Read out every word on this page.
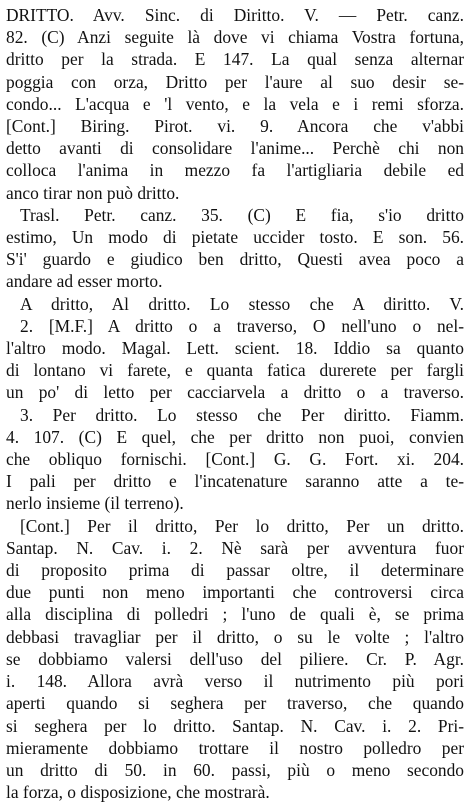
DRITTO. Avv. Sinc. di Diritto. V. — Petr. canz.
82. (C) Anzi seguite là dove vi chiama Vostra fortuna,
dritto per la strada. E 147. La qual senza alternar
poggia con orza, Dritto per l'aure al suo desir se-
condo... L'acqua e 'l vento, e la vela e i remi sforza.
[Cont.] Biring. Pirot. vi. 9. Ancora che v'abbi
detto avanti di consolidare l'anime... Perchè chi non
colloca l'anima in mezzo fa l'artigliaria debile ed
anco tirar non può dritto.
Trasl. Petr. canz. 35. (C) E fia, s'io dritto
estimo, Un modo di pietate uccider tosto. E son. 56.
S'i' guardo e giudico ben dritto, Questi avea poco a
andare ad esser morto.
A dritto, Al dritto. Lo stesso che A diritto. V.
2. [M.F.] A dritto o a traverso, O nell'uno o nel-
l'altro modo. Magal. Lett. scient. 18. Iddio sa quanto
di lontano vi farete, e quanta fatica durerete per fargli
un po' di letto per cacciarvela a dritto o a traverso.
3. Per dritto. Lo stesso che Per diritto. Fiamm.
4. 107. (C) E quel, che per dritto non puoi, convien
che obliquo fornischi. [Cont.] G. G. Fort. xi. 204.
I pali per dritto e l'incatenature saranno atte a te-
nerlo insieme (il terreno).
[Cont.] Per il dritto, Per lo dritto, Per un dritto.
Santap. N. Cav. i. 2. Nè sarà per avventura fuor
di proposito prima di passar oltre, il determinare
due punti non meno importanti che controversi circa
alla disciplina di polledri ; l'uno de quali è, se prima
debbasi travagliar per il dritto, o su le volte ; l'altro
se dobbiamo valersi dell'uso del piliere. Cr. P. Agr.
i. 148. Allora avrà verso il nutrimento più pori
aperti quando si seghera per traverso, che quando
si seghera per lo dritto. Santap. N. Cav. i. 2. Pri-
mieramente dobbiamo trottare il nostro polledro per
un dritto di 50. in 60. passi, più o meno secondo
la forza, o disposizione, che mostrarà.
